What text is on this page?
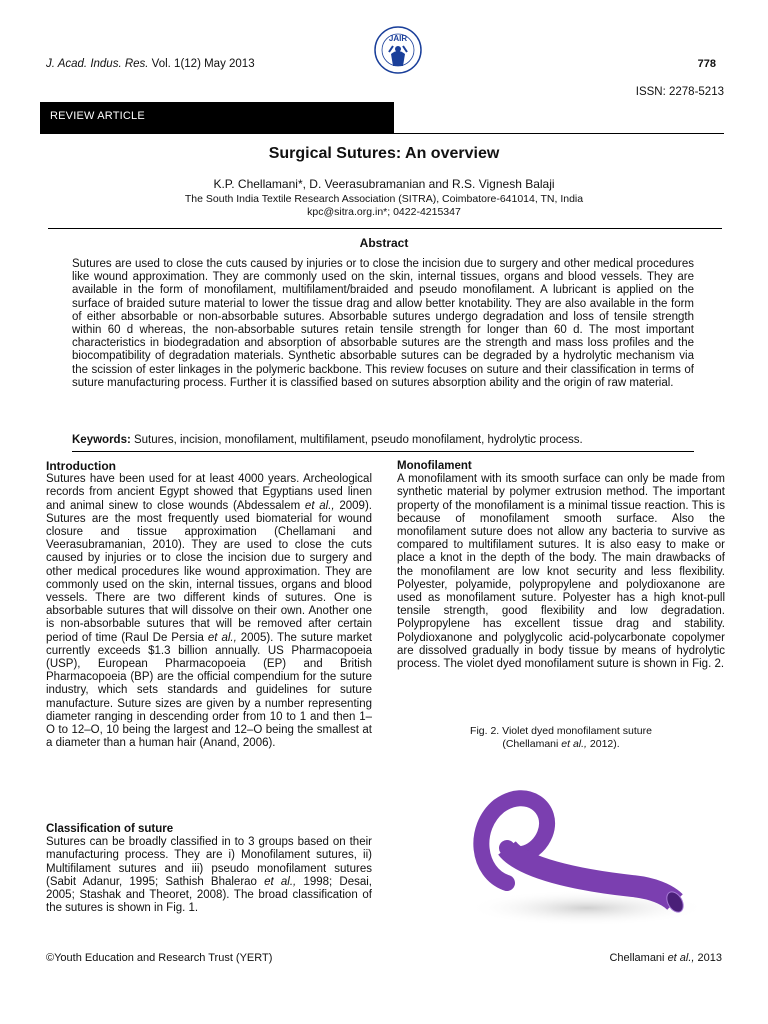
J. Acad. Indus. Res. Vol. 1(12) May 2013
JAIR
778
ISSN: 2278-5213
REVIEW ARTICLE
Surgical Sutures: An overview
K.P. Chellamani*, D. Veerasubramanian and R.S. Vignesh Balaji
The South India Textile Research Association (SITRA), Coimbatore-641014, TN, India
kpc@sitra.org.in*; 0422-4215347
Abstract
Sutures are used to close the cuts caused by injuries or to close the incision due to surgery and other medical procedures like wound approximation. They are commonly used on the skin, internal tissues, organs and blood vessels. They are available in the form of monofilament, multifilament/braided and pseudo monofilament. A lubricant is applied on the surface of braided suture material to lower the tissue drag and allow better knotability. They are also available in the form of either absorbable or non-absorbable sutures. Absorbable sutures undergo degradation and loss of tensile strength within 60 d whereas, the non-absorbable sutures retain tensile strength for longer than 60 d. The most important characteristics in biodegradation and absorption of absorbable sutures are the strength and mass loss profiles and the biocompatibility of degradation materials. Synthetic absorbable sutures can be degraded by a hydrolytic mechanism via the scission of ester linkages in the polymeric backbone. This review focuses on suture and their classification in terms of suture manufacturing process. Further it is classified based on sutures absorption ability and the origin of raw material.
Keywords: Sutures, incision, monofilament, multifilament, pseudo monofilament, hydrolytic process.
Introduction

Sutures have been used for at least 4000 years. Archeological records from ancient Egypt showed that Egyptians used linen and animal sinew to close wounds (Abdessalem et al., 2009). Sutures are the most frequently used biomaterial for wound closure and tissue approximation (Chellamani and Veerasubramanian, 2010). They are used to close the cuts caused by injuries or to close the incision due to surgery and other medical procedures like wound approximation. They are commonly used on the skin, internal tissues, organs and blood vessels. There are two different kinds of sutures. One is absorbable sutures that will dissolve on their own. Another one is non-absorbable sutures that will be removed after certain period of time (Raul De Persia et al., 2005). The suture market currently exceeds $1.3 billion annually. US Pharmacopoeia (USP), European Pharmacopoeia (EP) and British Pharmacopoeia (BP) are the official compendium for the suture industry, which sets standards and guidelines for suture manufacture. Suture sizes are given by a number representing diameter ranging in descending order from 10 to 1 and then 1–O to 12–O, 10 being the largest and 12–O being the smallest at a diameter than a human hair (Anand, 2006).

Classification of suture

Sutures can be broadly classified in to 3 groups based on their manufacturing process. They are i) Monofilament sutures, ii) Multifilament sutures and iii) pseudo monofilament sutures (Sabit Adanur, 1995; Sathish Bhalerao et al., 1998; Desai, 2005; Stashak and Theoret, 2008). The broad classification of the sutures is shown in Fig. 1.

Monofilament

A monofilament with its smooth surface can only be made from synthetic material by polymer extrusion method. The important property of the monofilament is a minimal tissue reaction. This is because of monofilament smooth surface. Also the monofilament suture does not allow any bacteria to survive as compared to multifilament sutures. It is also easy to make or place a knot in the depth of the body. The main drawbacks of the monofilament are low knot security and less flexibility. Polyester, polyamide, polypropylene and polydioxanone are used as monofilament suture. Polyester has a high knot-pull tensile strength, good flexibility and low degradation. Polypropylene has excellent tissue drag and stability. Polydioxanone and polyglycolic acid-polycarbonate copolymer are dissolved gradually in body tissue by means of hydrolytic process. The violet dyed monofilament suture is shown in Fig. 2.

Fig. 2. Violet dyed monofilament suture
(Chellamani et al., 2012).
©Youth Education and Research Trust (YERT)	Chellamani et al., 2013
